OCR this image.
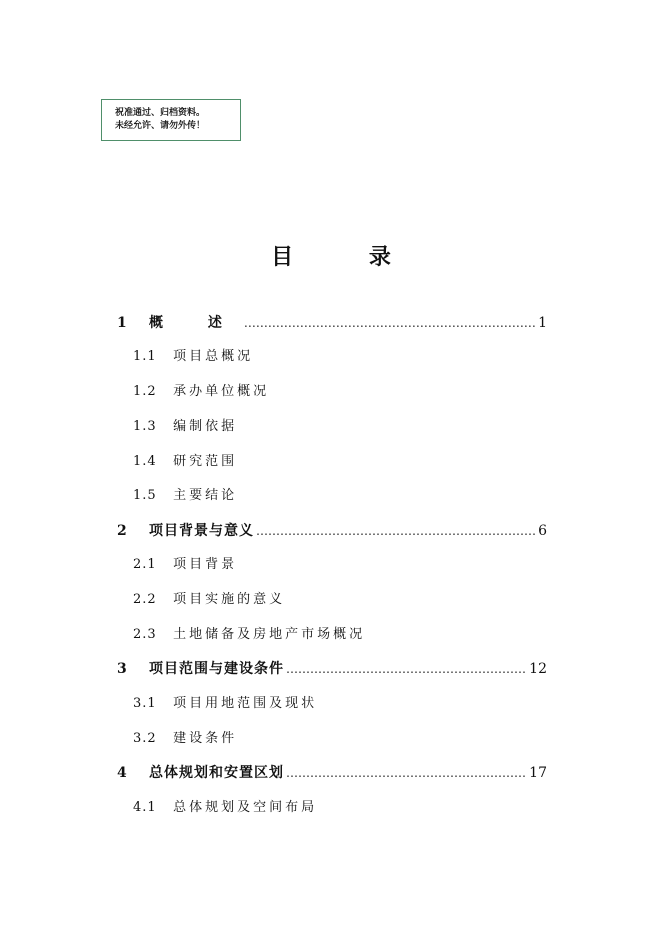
祝准通过、归档资料。
未经允许、请勿外传！
目 录
1	概 述 ……………………………………………………………………………………………………………………………………………………	1
1.1 项目总概况
1.2 承办单位概况
1.3 编制依据
1.4 研究范围
1.5 主要结论
2	项目背景与意义 ……………………………………………………………………………………………………………………………………………………	6
2.1 项目背景
2.2 项目实施的意义
2.3 土地储备及房地产市场概况
3	项目范围与建设条件 ……………………………………………………………………………………………………………………………………………………	12
3.1 项目用地范围及现状
3.2 建设条件
4	总体规划和安置区划 ……………………………………………………………………………………………………………………………………………………	17
4.1 总体规划及空间布局
